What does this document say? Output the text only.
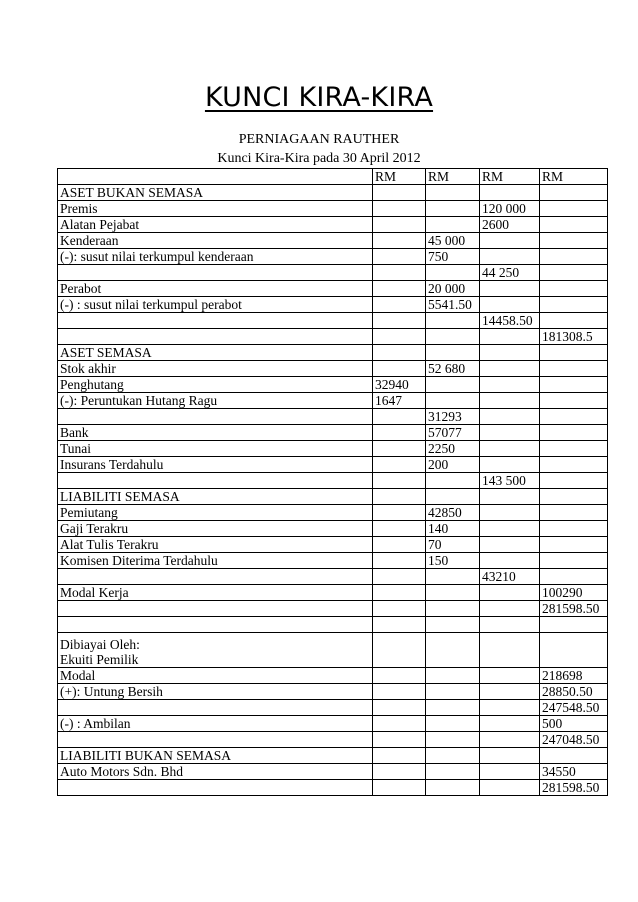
KUNCI KIRA-KIRA
PERNIAGAAN RAUTHER
Kunci Kira-Kira pada 30 April 2012
	RM	RM	RM	RM
ASET BUKAN SEMASA				
Premis			120 000	
Alatan Pejabat			2600	
Kenderaan		45 000		
(-): susut nilai terkumpul kenderaan		750		
			44 250	
Perabot		20 000		
(-) : susut nilai terkumpul perabot		5541.50		
			14458.50	
				181308.5
ASET SEMASA				
Stok akhir		52 680		
Penghutang	32940			
(-): Peruntukan Hutang Ragu	1647			
		31293		
Bank		57077		
Tunai		2250		
Insurans Terdahulu		200		
			143 500	
LIABILITI SEMASA				
Pemiutang		42850		
Gaji Terakru		140		
Alat Tulis Terakru		70		
Komisen Diterima Terdahulu		150		
			43210	
Modal Kerja				100290
				281598.50

Dibiayai Oleh:
Ekuiti Pemilik				
Modal				218698
(+): Untung Bersih				28850.50
				247548.50
(-) : Ambilan				500
				247048.50
LIABILITI BUKAN SEMASA				
Auto Motors Sdn. Bhd				34550
				281598.50
